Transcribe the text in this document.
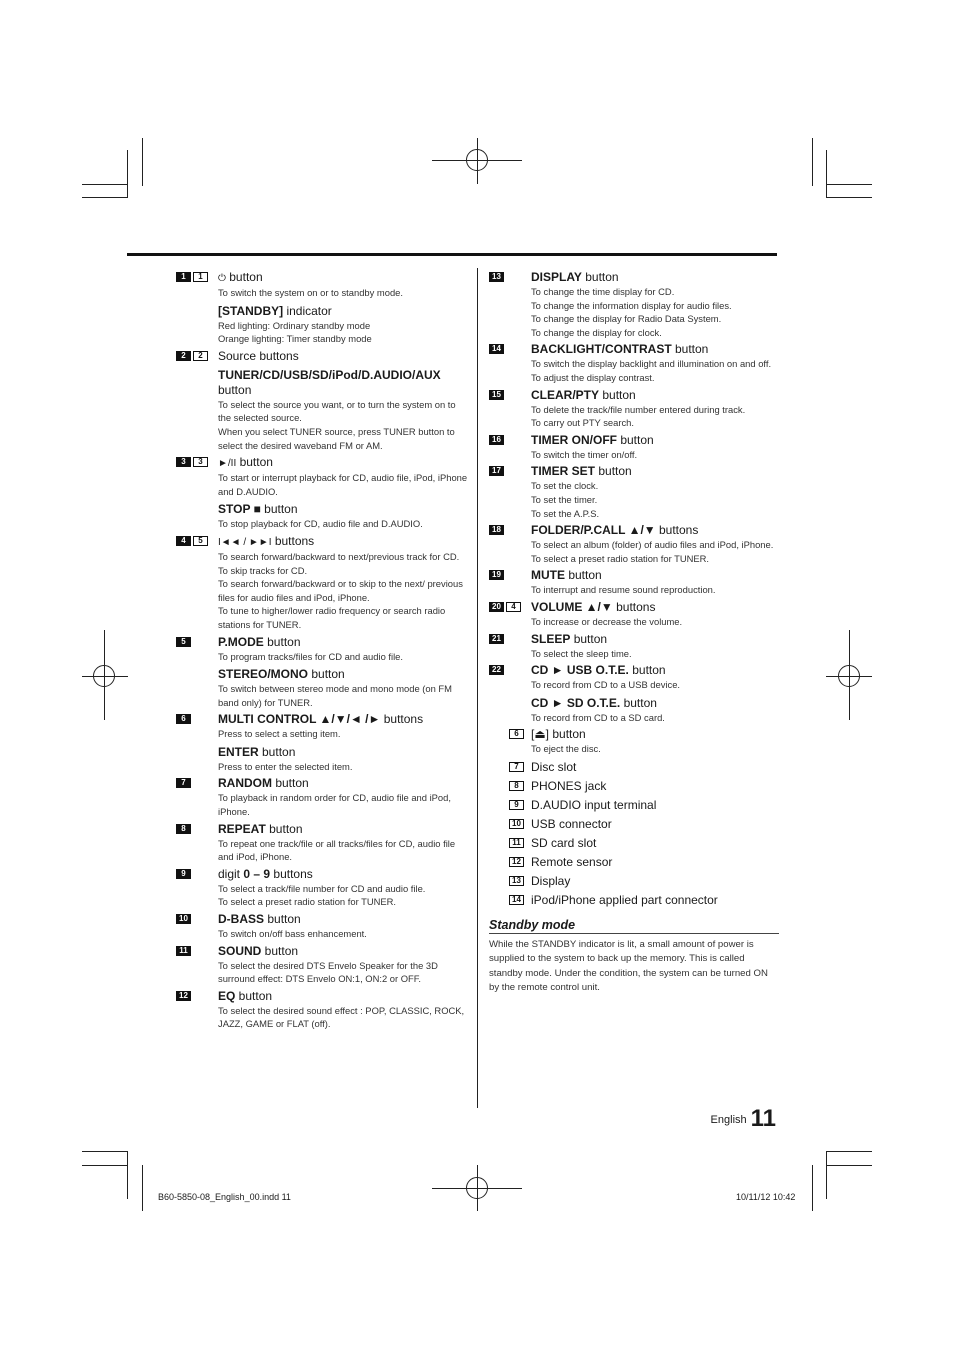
1	1	⏻ button
To switch the system on or to standby mode.
[STANDBY] indicator
Red lighting: Ordinary standby mode
Orange lighting: Timer standby mode
2	2	Source buttons
TUNER/CD/USB/SD/iPod/D.AUDIO/AUX button
To select the source you want, or to turn the system on to the selected source.
When you select TUNER source, press TUNER button to select the desired waveband FM or AM.
3	3	►/II button
To start or interrupt playback for CD, audio file, iPod, iPhone and D.AUDIO.
STOP ■ button
To stop playback for CD, audio file and D.AUDIO.
4	5	I◄◄ / ►►I buttons
To search forward/backward to next/previous track for CD.
To skip tracks for CD.
To search forward/backward or to skip to the next/ previous files for audio files and iPod, iPhone.
To tune to higher/lower radio frequency or search radio stations for TUNER.
5	P.MODE button
To program tracks/files for CD and audio file.
STEREO/MONO button
To switch between stereo mode and mono mode (on FM band only) for TUNER.
6	MULTI CONTROL ▲/▼/◄ /► buttons
Press to select a setting item.
ENTER button
Press to enter the selected item.
7	RANDOM button
To playback in random order for CD, audio file and iPod, iPhone.
8	REPEAT button
To repeat one track/file or all tracks/files for CD, audio file and iPod, iPhone.
9	digit 0 – 9 buttons
To select a track/file number for CD and audio file.
To select a preset radio station for TUNER.
10	D-BASS button
To switch on/off bass enhancement.
11	SOUND button
To select the desired DTS Envelo Speaker for the 3D surround effect: DTS Envelo ON:1, ON:2 or OFF.
12	EQ button
To select the desired sound effect : POP, CLASSIC, ROCK, JAZZ, GAME or FLAT (off).
13	DISPLAY button
To change the time display for CD.
To change the information display for audio files.
To change the display for Radio Data System.
To change the display for clock.
14	BACKLIGHT/CONTRAST button
To switch the display backlight and illumination on and off.
To adjust the display contrast.
15	CLEAR/PTY button
To delete the track/file number entered during track.
To carry out PTY search.
16	TIMER ON/OFF button
To switch the timer on/off.
17	TIMER SET button
To set the clock.
To set the timer.
To set the A.P.S.
18	FOLDER/P.CALL ▲/▼ buttons
To select an album (folder) of audio files and iPod, iPhone.
To select a preset radio station for TUNER.
19	MUTE button
To interrupt and resume sound reproduction.
20	4	VOLUME ▲/▼ buttons
To increase or decrease the volume.
21	SLEEP button
To select the sleep time.
22	CD ► USB O.T.E. button
To record from CD to a USB device.
CD ► SD O.T.E. button
To record from CD to a SD card.
6	[⏏] button
To eject the disc.
7	Disc slot
8	PHONES jack
9	D.AUDIO input terminal
10 USB connector
11 SD card slot
12 Remote sensor
13 Display
14 iPod/iPhone applied part connector
Standby mode
While the STANDBY indicator is lit, a small amount of power is supplied to the system to back up the memory. This is called standby mode. Under the condition, the system can be turned ON by the remote control unit.
English 11
B60-5850-08_English_00.indd 11	10/11/12 10:42
